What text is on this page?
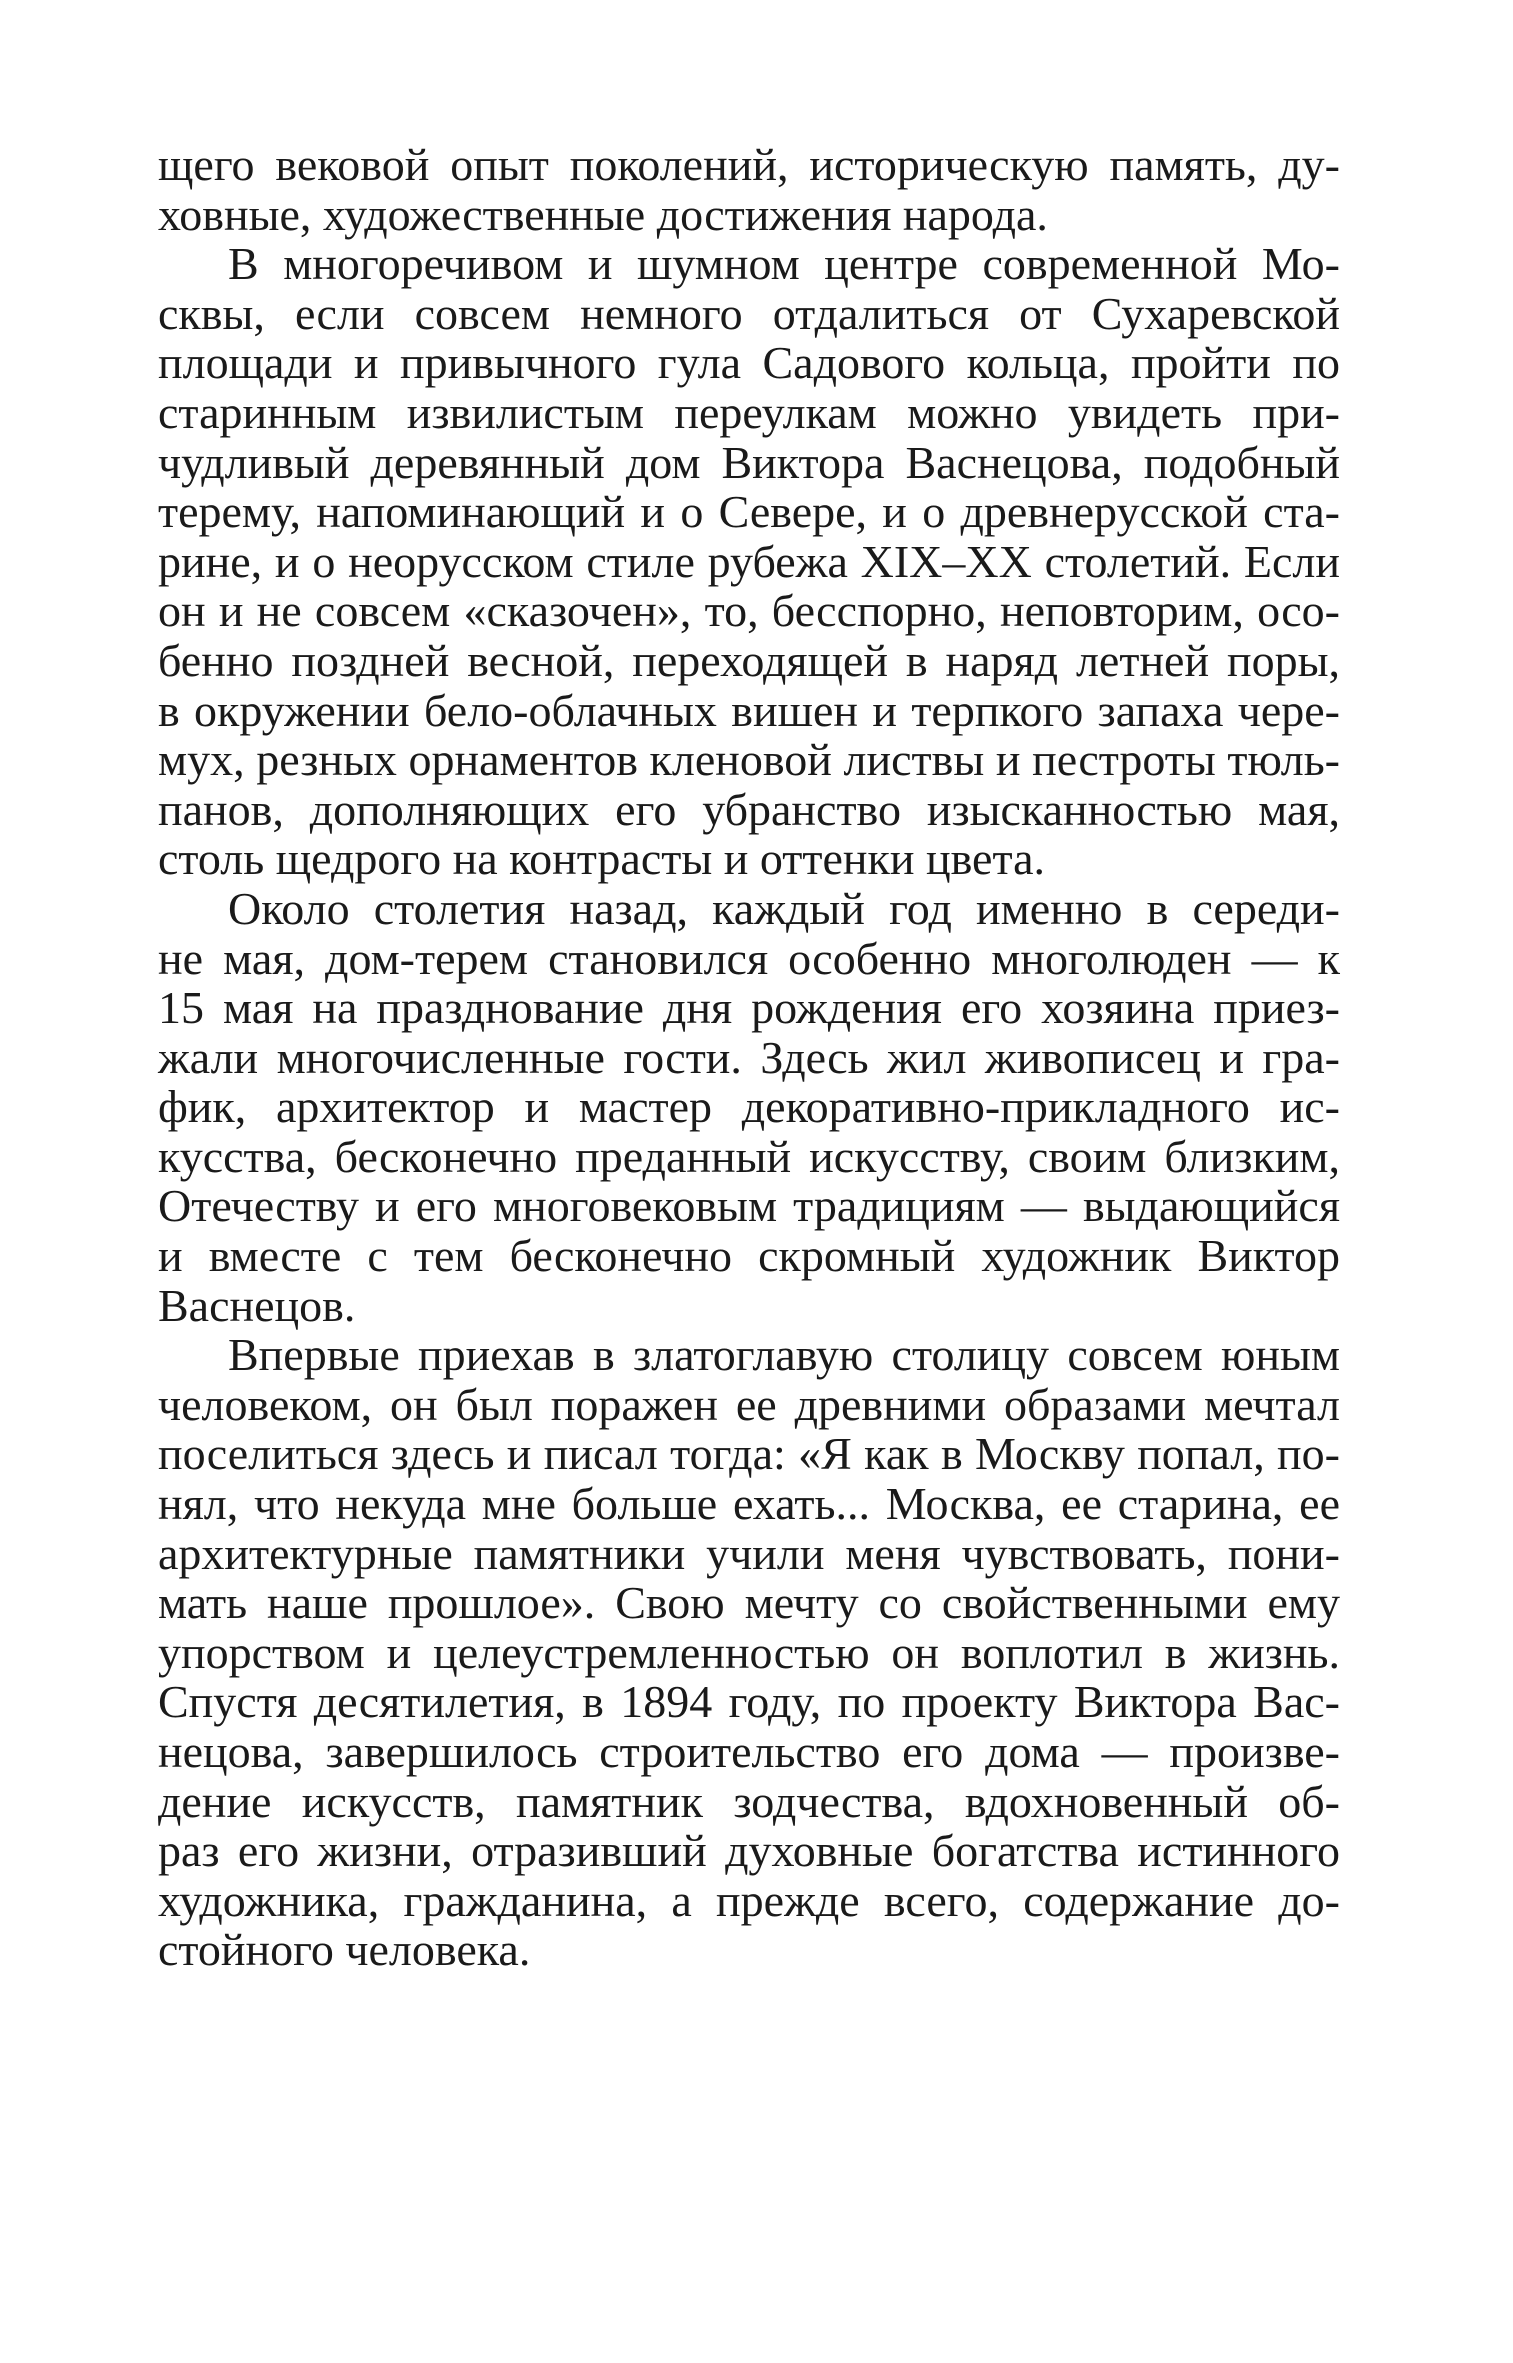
щего вековой опыт поколений, историческую память, ду-
ховные, художественные достижения народа.
В многоречивом и шумном центре современной Мо-
сквы, если совсем немного отдалиться от Сухаревской
площади и привычного гула Садового кольца, пройти по
старинным извилистым переулкам можно увидеть при-
чудливый деревянный дом Виктора Васнецова, подобный
терему, напоминающий и о Севере, и о древнерусской ста-
рине, и о неорусском стиле рубежа XIX–XX столетий. Если
он и не совсем «сказочен», то, бесспорно, неповторим, осо-
бенно поздней весной, переходящей в наряд летней поры,
в окружении бело-облачных вишен и терпкого запаха чере-
мух, резных орнаментов кленовой листвы и пестроты тюль-
панов, дополняющих его убранство изысканностью мая,
столь щедрого на контрасты и оттенки цвета.
Около столетия назад, каждый год именно в середи-
не мая, дом-терем становился особенно многолюден — к
15 мая на празднование дня рождения его хозяина приез-
жали многочисленные гости. Здесь жил живописец и гра-
фик, архитектор и мастер декоративно-прикладного ис-
кусства, бесконечно преданный искусству, своим близким,
Отечеству и его многовековым традициям — выдающийся
и вместе с тем бесконечно скромный художник Виктор
Васнецов.
Впервые приехав в златоглавую столицу совсем юным
человеком, он был поражен ее древними образами мечтал
поселиться здесь и писал тогда: «Я как в Москву попал, по-
нял, что некуда мне больше ехать... Москва, ее старина, ее
архитектурные памятники учили меня чувствовать, пони-
мать наше прошлое». Свою мечту со свойственными ему
упорством и целеустремленностью он воплотил в жизнь.
Спустя десятилетия, в 1894 году, по проекту Виктора Вас-
нецова, завершилось строительство его дома — произве-
дение искусств, памятник зодчества, вдохновенный об-
раз его жизни, отразивший духовные богатства истинного
художника, гражданина, а прежде всего, содержание до-
стойного человека.
